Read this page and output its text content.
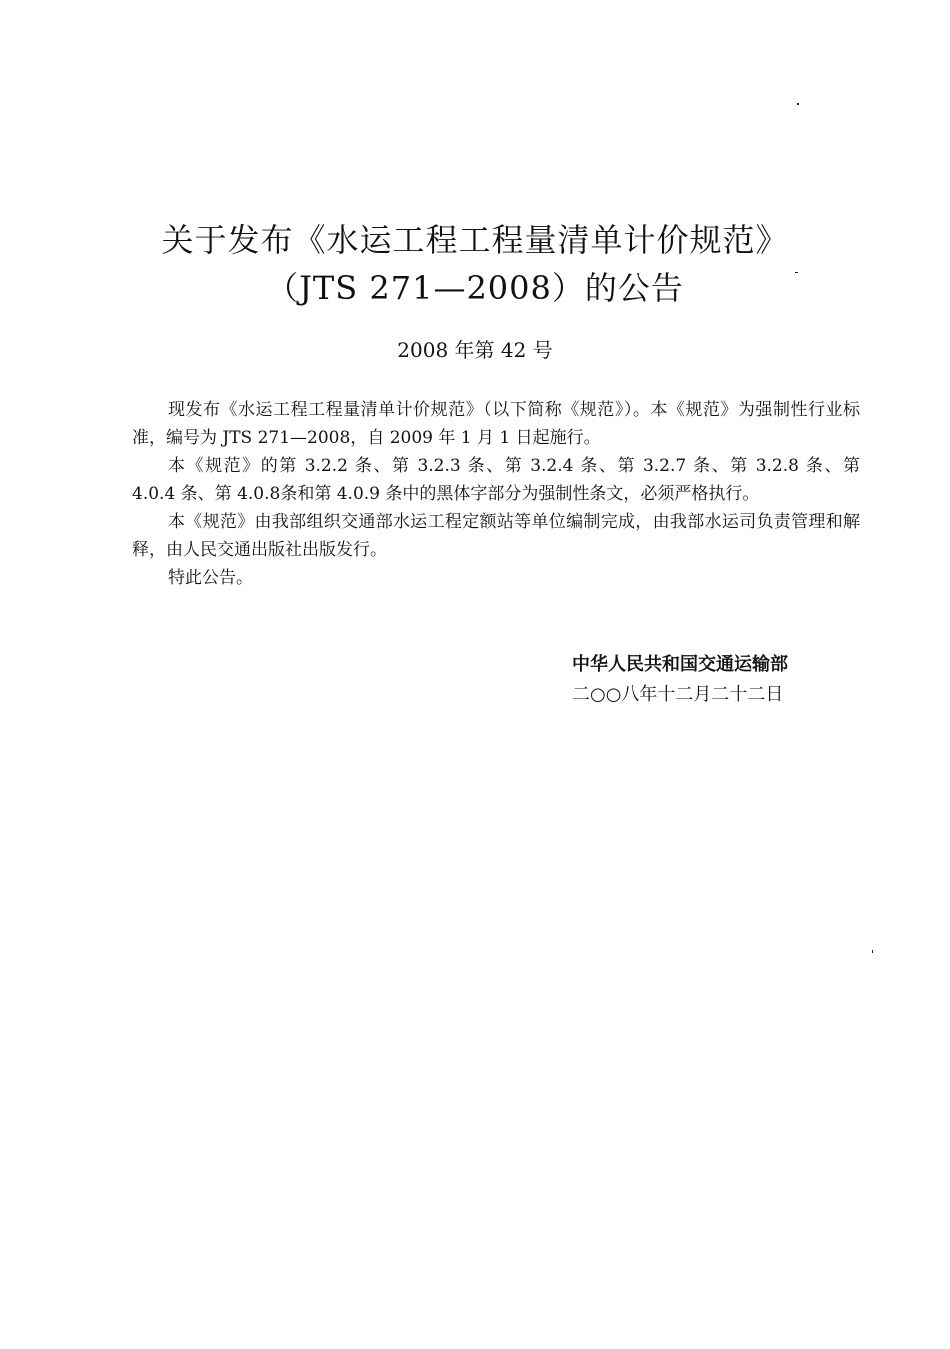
关于发布《水运工程工程量清单计价规范》
（JTS 271—2008）的公告
2008 年第 42 号

现发布《水运工程工程量清单计价规范》（以下简称《规范》）。本《规范》为强制性行业标准，编号为 JTS 271—2008，自 2009 年 1 月 1 日起施行。

本《规范》的第 3.2.2 条、第 3.2.3 条、第 3.2.4 条、第 3.2.7 条、第 3.2.8 条、第 4.0.4 条、第 4.0.8条和第 4.0.9 条中的黑体字部分为强制性条文，必须严格执行。

本《规范》由我部组织交通部水运工程定额站等单位编制完成，由我部水运司负责管理和解释，由人民交通出版社出版发行。

特此公告。

中华人民共和国交通运输部
二○○八年十二月二十二日
